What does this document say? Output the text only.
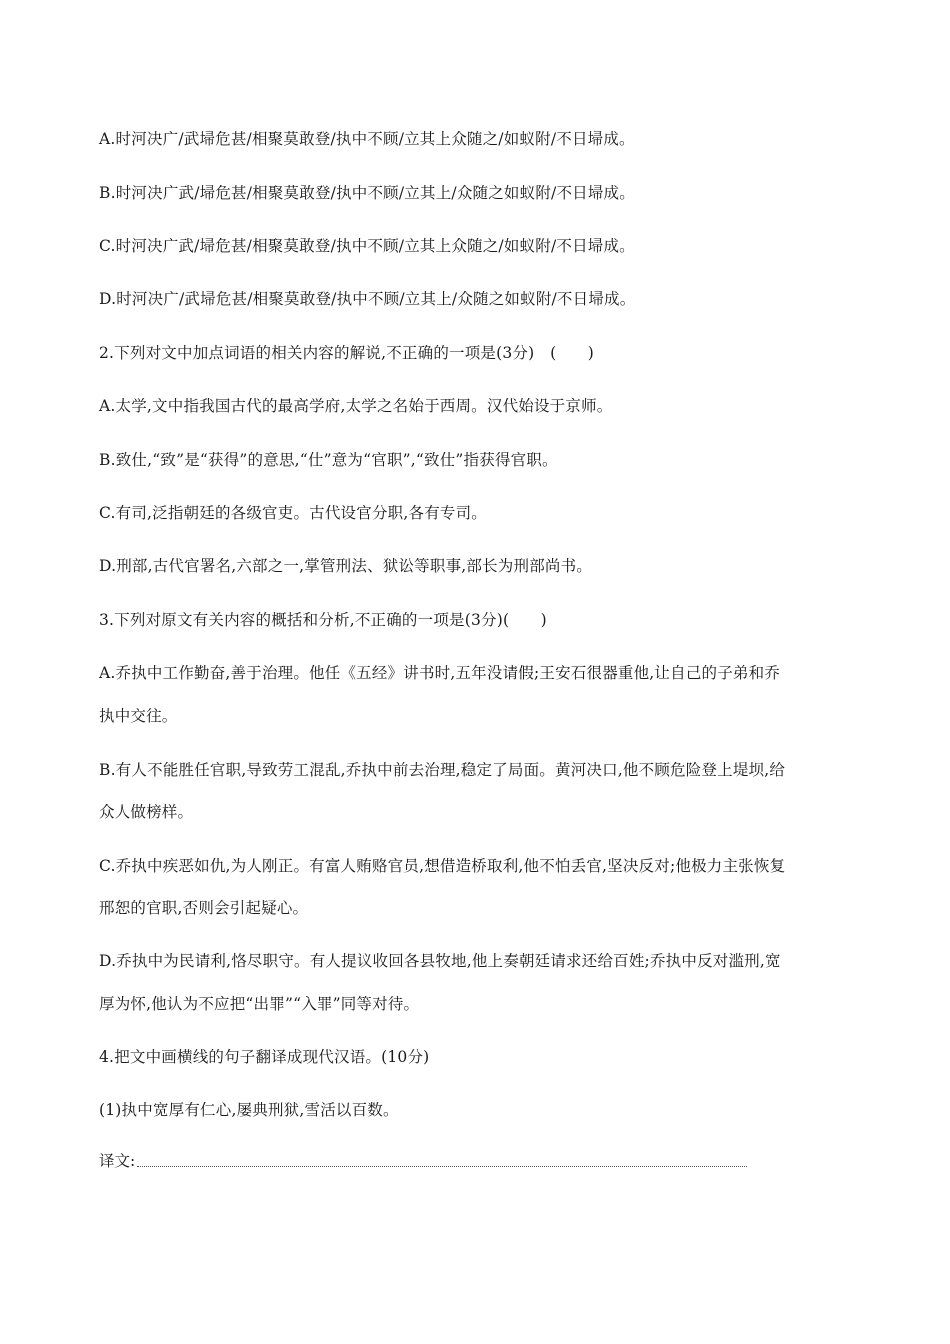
A.时河决广/武埽危甚/相聚莫敢登/执中不顾/立其上众随之/如蚁附/不日埽成。
B.时河决广武/埽危甚/相聚莫敢登/执中不顾/立其上/众随之如蚁附/不日埽成。
C.时河决广武/埽危甚/相聚莫敢登/执中不顾/立其上众随之/如蚁附/不日埽成。
D.时河决广/武埽危甚/相聚莫敢登/执中不顾/立其上/众随之如蚁附/不日埽成。
2.下列对文中加点词语的相关内容的解说,不正确的一项是(3分)　(　　)
A.太学,文中指我国古代的最高学府,太学之名始于西周。汉代始设于京师。
B.致仕,“致”是“获得”的意思,“仕”意为“官职”,“致仕”指获得官职。
C.有司,泛指朝廷的各级官吏。古代设官分职,各有专司。
D.刑部,古代官署名,六部之一,掌管刑法、狱讼等职事,部长为刑部尚书。
3.下列对原文有关内容的概括和分析,不正确的一项是(3分)(　　)
A.乔执中工作勤奋,善于治理。他任《五经》讲书时,五年没请假;王安石很器重他,让自己的子弟和乔
执中交往。
B.有人不能胜任官职,导致劳工混乱,乔执中前去治理,稳定了局面。黄河决口,他不顾危险登上堤坝,给
众人做榜样。
C.乔执中疾恶如仇,为人刚正。有富人贿赂官员,想借造桥取利,他不怕丢官,坚决反对;他极力主张恢复
邢恕的官职,否则会引起疑心。
D.乔执中为民请利,恪尽职守。有人提议收回各县牧地,他上奏朝廷请求还给百姓;乔执中反对滥刑,宽
厚为怀,他认为不应把“出罪”“入罪”同等对待。
4.把文中画横线的句子翻译成现代汉语。(10分)
(1)执中宽厚有仁心,屡典刑狱,雪活以百数。
译文:
